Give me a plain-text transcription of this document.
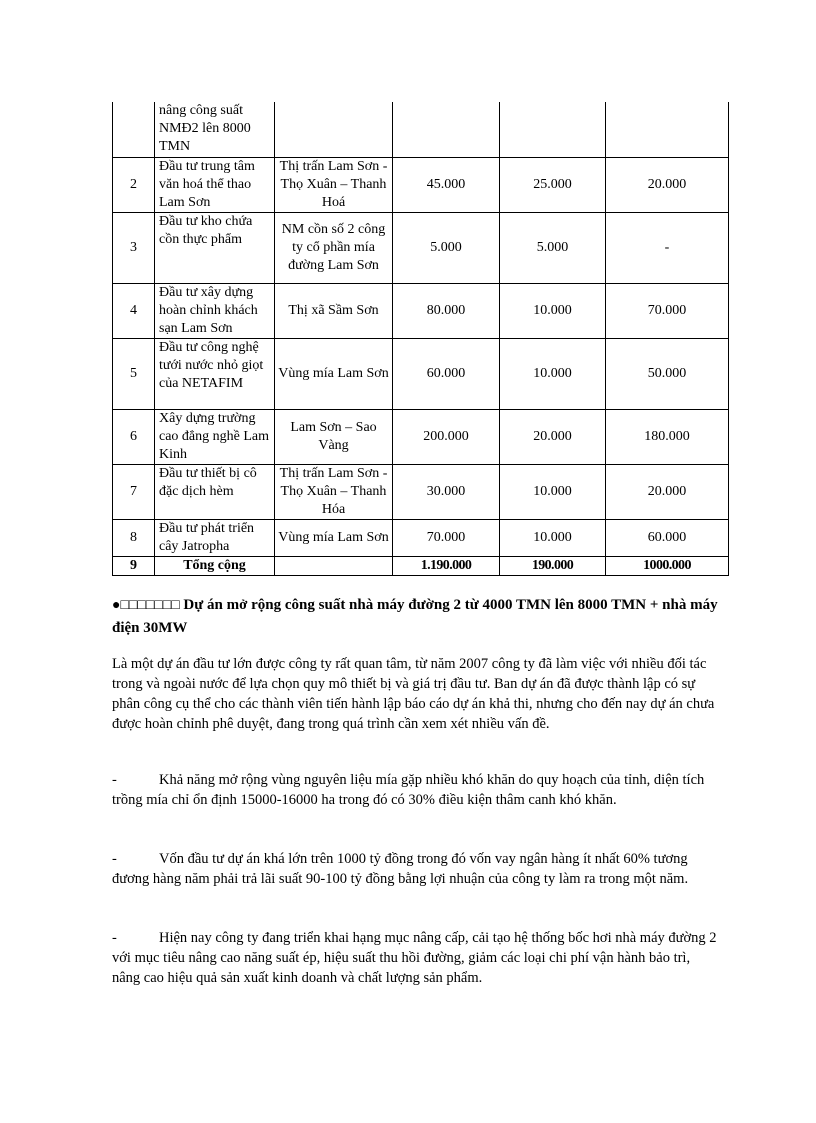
	nâng công suất NMĐ2 lên 8000 TMN				
2	Đầu tư trung tâm văn hoá thể thao Lam Sơn	Thị trấn Lam Sơn - Thọ Xuân – Thanh Hoá	45.000	25.000	20.000
3	Đầu tư kho chứa cồn thực phẩm	NM cồn số 2 công ty cổ phần mía đường Lam Sơn	5.000	5.000	-
4	Đầu tư xây dựng hoàn chỉnh khách sạn Lam Sơn	Thị xã Sầm Sơn	80.000	10.000	70.000
5	Đầu tư công nghệ tưới nước nhỏ giọt của NETAFIM	Vùng mía Lam Sơn	60.000	10.000	50.000
6	Xây dựng trường cao đẳng nghề Lam Kinh	Lam Sơn – Sao Vàng	200.000	20.000	180.000
7	Đầu tư thiết bị cô đặc dịch hèm	Thị trấn Lam Sơn - Thọ Xuân – Thanh Hóa	30.000	10.000	20.000
8	Đầu tư phát triển cây Jatropha	Vùng mía Lam Sơn	70.000	10.000	60.000
9	Tổng cộng		1.190.000	190.000	1000.000
●□□□□□□□ Dự án mở rộng công suất nhà máy đường 2 từ 4000 TMN lên 8000 TMN + nhà máy điện 30MW
Là một dự án đầu tư lớn được công ty rất quan tâm, từ năm 2007 công ty đã làm việc với nhiều đối tác trong và ngoài nước để lựa chọn quy mô thiết bị và giá trị đầu tư. Ban dự án đã được thành lập có sự phân công cụ thể cho các thành viên tiến hành lập báo cáo dự án khả thi, nhưng cho đến nay dự án chưa được hoàn chỉnh phê duyệt, đang trong quá trình cần xem xét nhiều vấn đề.
-	Khả năng mở rộng vùng nguyên liệu mía gặp nhiều khó khăn do quy hoạch của tỉnh, diện tích trồng mía chỉ ổn định 15000-16000 ha trong đó có 30% điều kiện thâm canh khó khăn.
-	Vốn đầu tư dự án khá lớn trên 1000 tỷ đồng trong đó vốn vay ngân hàng ít nhất 60% tương đương hàng năm phải trả lãi suất 90-100 tỷ đồng bằng lợi nhuận của công ty làm ra trong một năm.
-	Hiện nay công ty đang triển khai hạng mục nâng cấp, cải tạo hệ thống bốc hơi nhà máy đường 2 với mục tiêu nâng cao năng suất ép, hiệu suất thu hồi đường, giảm các loại chi phí vận hành bảo trì, nâng cao hiệu quả sản xuất kinh doanh và chất lượng sản phẩm.
